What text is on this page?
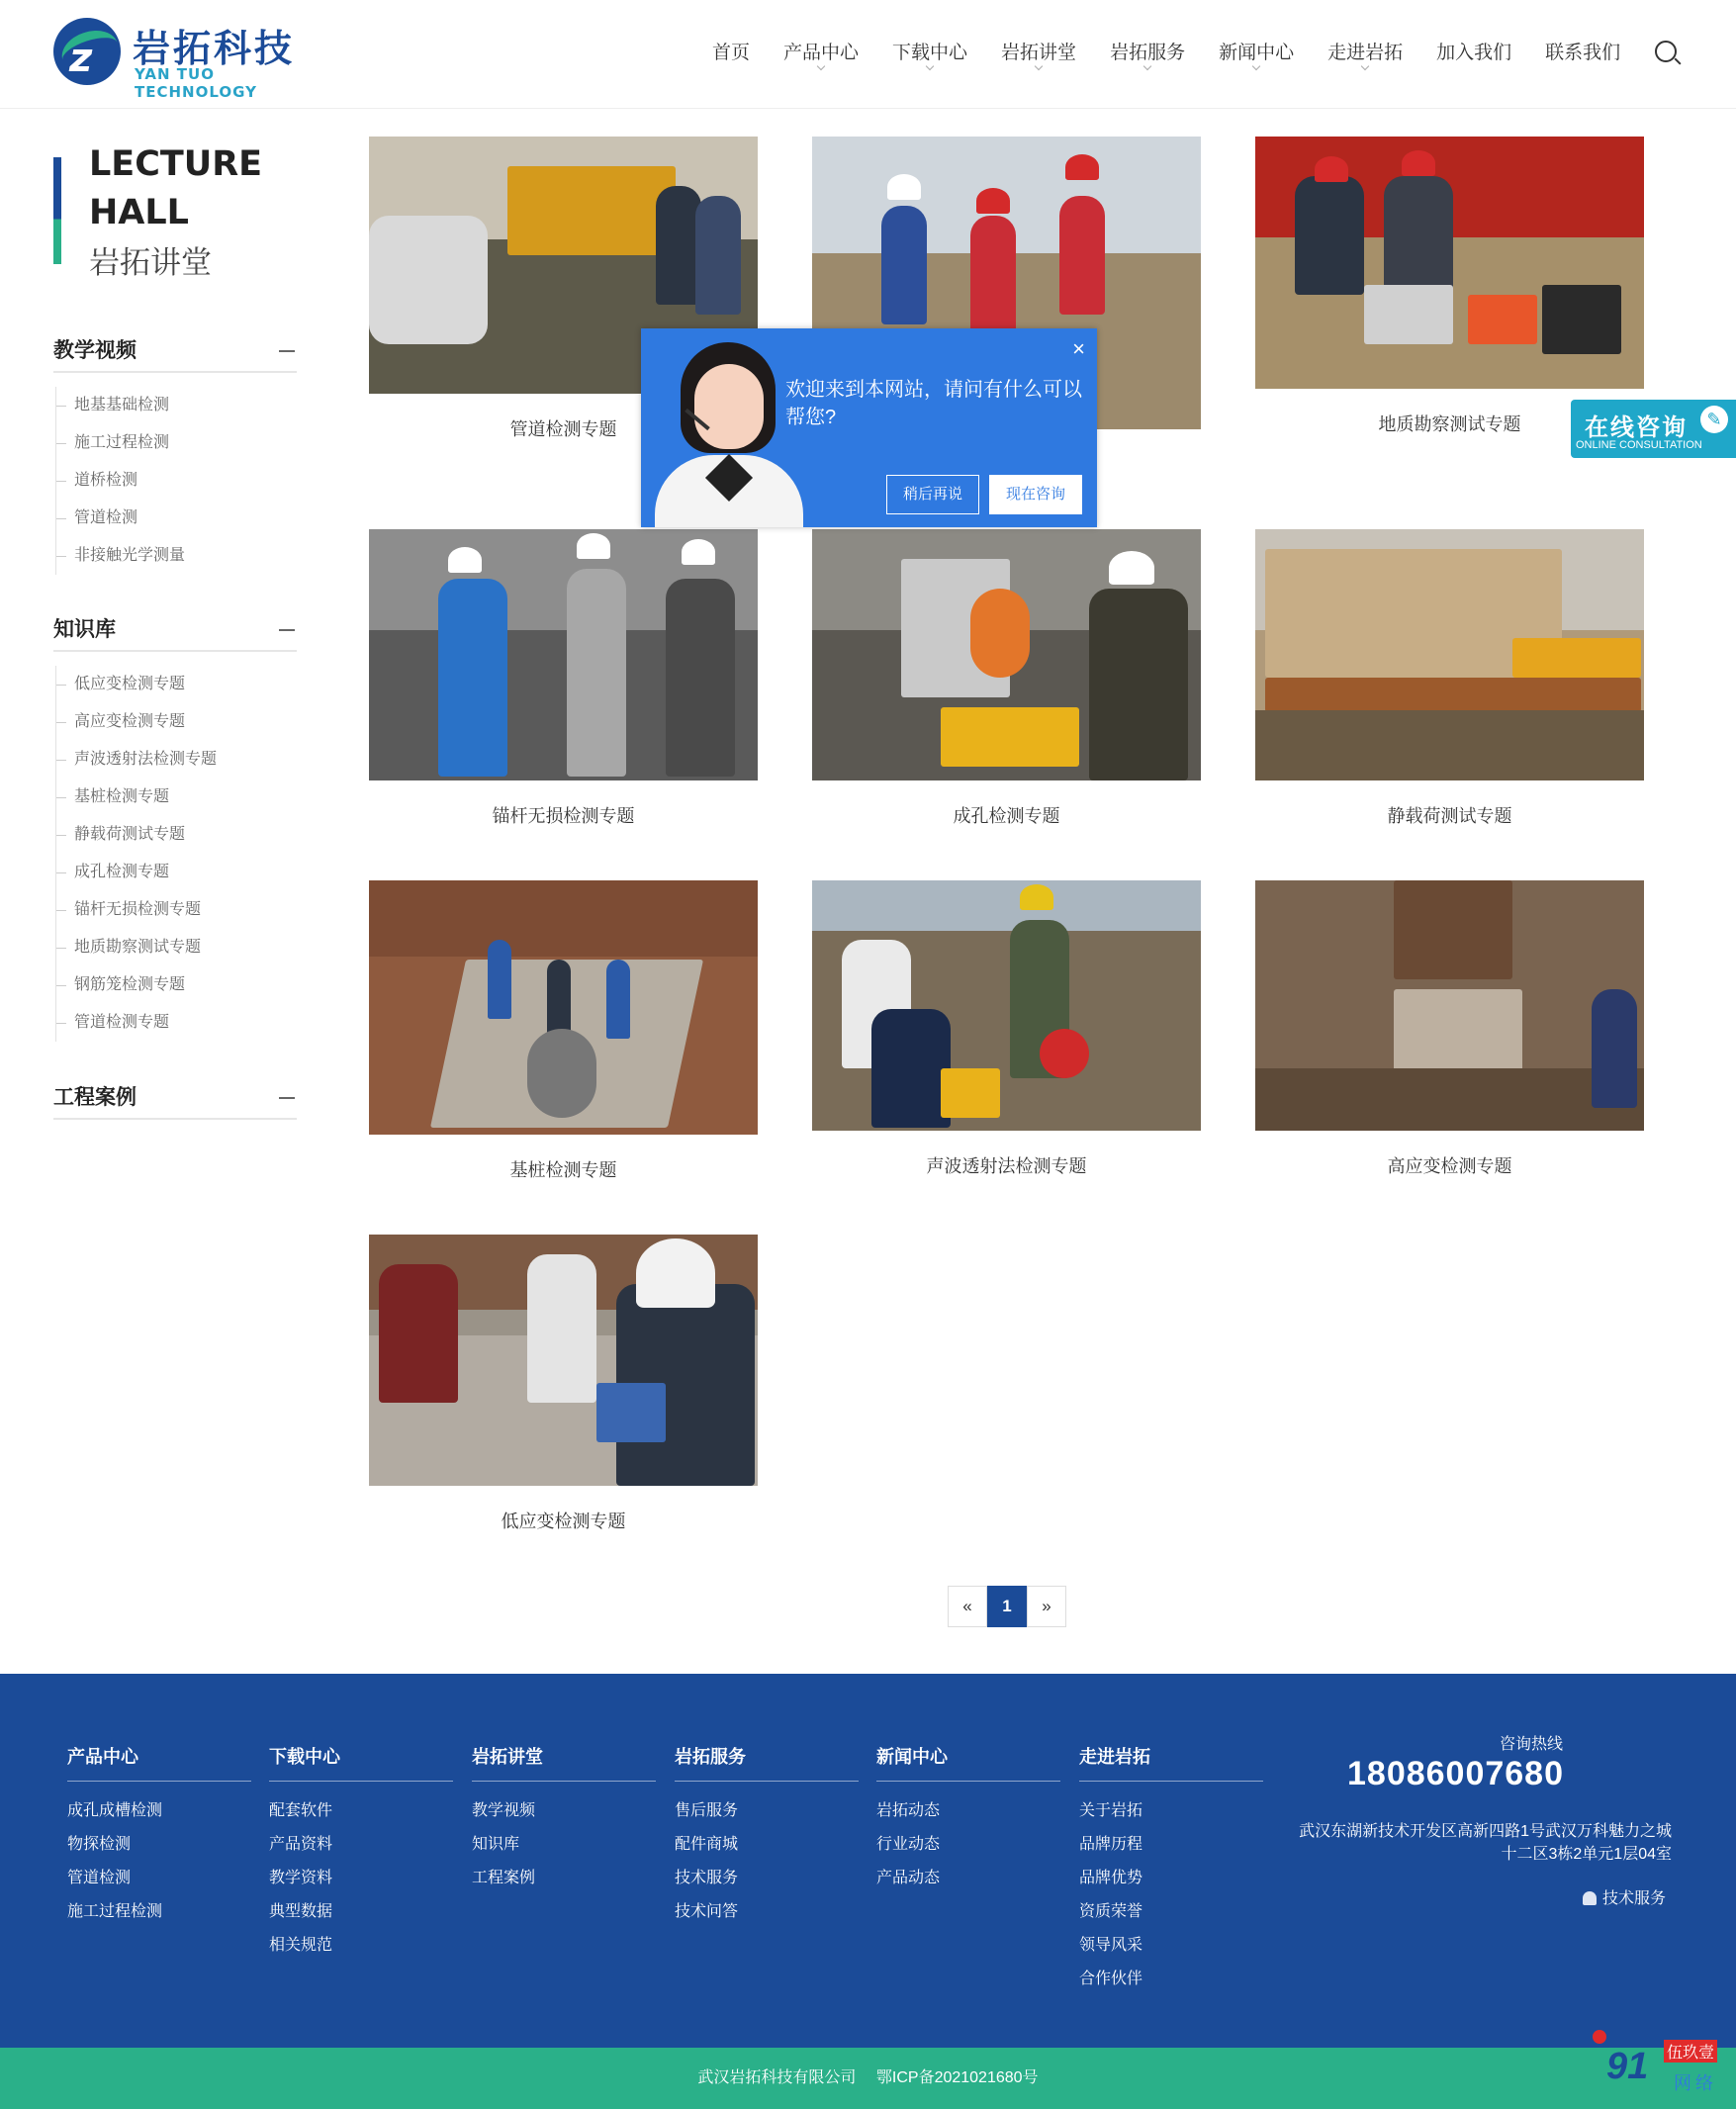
z 岩拓科技
YAN TUO TECHNOLOGY
首页 产品中心 下载中心 岩拓讲堂 岩拓服务 新闻中心 走进岩拓 加入我们 联系我们
LECTURE
HALL
岩拓讲堂
教学视频
地基基础检测
施工过程检测
道桥检测
管道检测
非接触光学测量
知识库
低应变检测专题
高应变检测专题
声波透射法检测专题
基桩检测专题
静载荷测试专题
成孔检测专题
锚杆无损检测专题
地质勘察测试专题
钢筋笼检测专题
管道检测专题
工程案例
管道检测专题	地质勘察测试专题
锚杆无损检测专题	成孔检测专题	静载荷测试专题
基桩检测专题	声波透射法检测专题	高应变检测专题
低应变检测专题
«	1	»
欢迎来到本网站，请问有什么可以帮您?
×
稍后再说	现在咨询
在线咨询
ONLINE CONSULTATION
✎
产品中心
成孔成槽检测
物探检测
管道检测
施工过程检测
下载中心
配套软件
产品资料
教学资料
典型数据
相关规范
岩拓讲堂
教学视频
知识库
工程案例
岩拓服务
售后服务
配件商城
技术服务
技术问答
新闻中心
岩拓动态
行业动态
产品动态
走进岩拓
关于岩拓
品牌历程
品牌优势
资质荣誉
领导风采
合作伙伴
咨询热线
18086007680
武汉东湖新技术开发区高新四路1号武汉万科魅力之城
十二区3栋2单元1层04室
技术服务
武汉岩拓科技有限公司 鄂ICP备2021021680号	91 伍玖壹
网络
